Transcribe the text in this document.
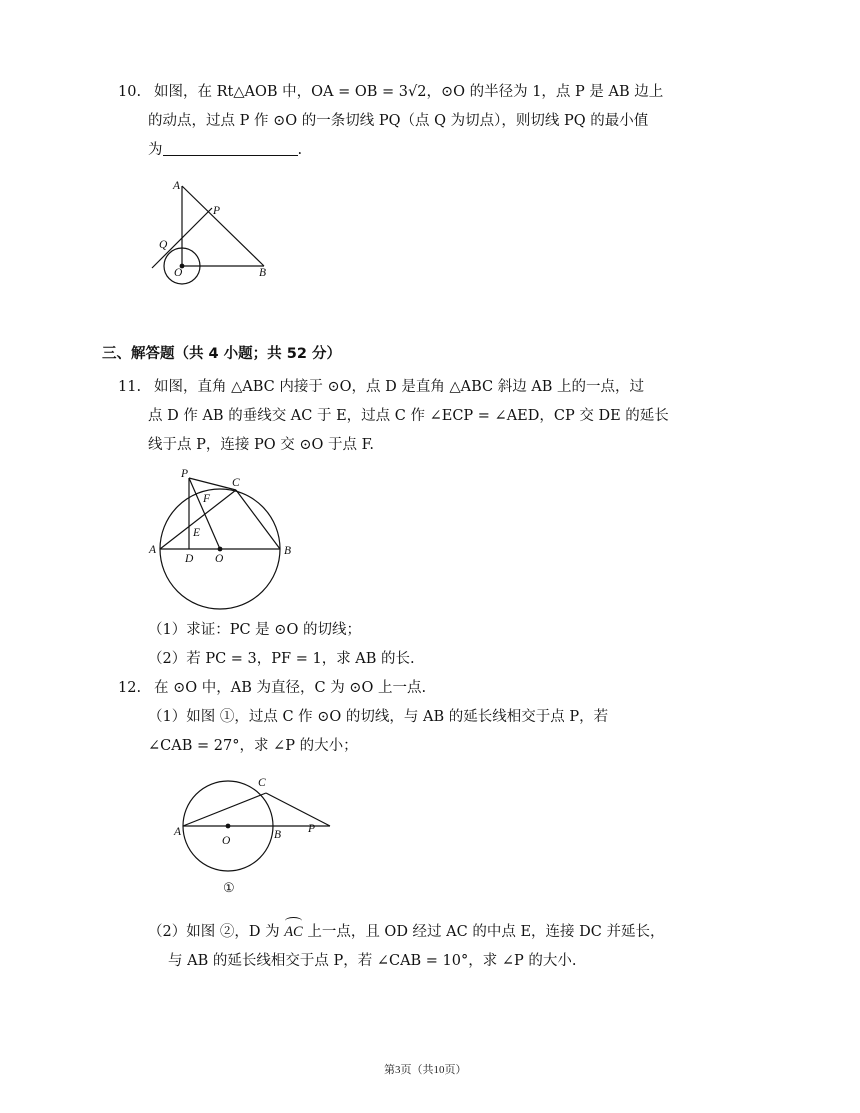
10. 如图，在 Rt△AOB 中，OA = OB = 3√2，⊙O 的半径为 1，点 P 是 AB 边上
的动点，过点 P 作 ⊙O 的一条切线 PQ（点 Q 为切点），则切线 PQ 的最小值
为	.
A
P
Q
O	B
三、解答题（共 4 小题；共 52 分）
11. 如图，直角 △ABC 内接于 ⊙O，点 D 是直角 △ABC 斜边 AB 上的一点，过
点 D 作 AB 的垂线交 AC 于 E，过点 C 作 ∠ECP = ∠AED，CP 交 DE 的延长
线于点 P，连接 PO 交 ⊙O 于点 F.
P
C
F
E
A
D O
B
（1）求证：PC 是 ⊙O 的切线；
（2）若 PC = 3，PF = 1，求 AB 的长.
12. 在 ⊙O 中，AB 为直径，C 为 ⊙O 上一点.
（1）如图 ①，过点 C 作 ⊙O 的切线，与 AB 的延长线相交于点 P，若
∠CAB = 27°，求 ∠P 的大小；
C
A
O	B P
①
（2）如图 ②，D 为 AC 上一点，且 OD 经过 AC 的中点 E，连接 DC 并延长，
与 AB 的延长线相交于点 P，若 ∠CAB = 10°，求 ∠P 的大小.
第3页（共10页）
